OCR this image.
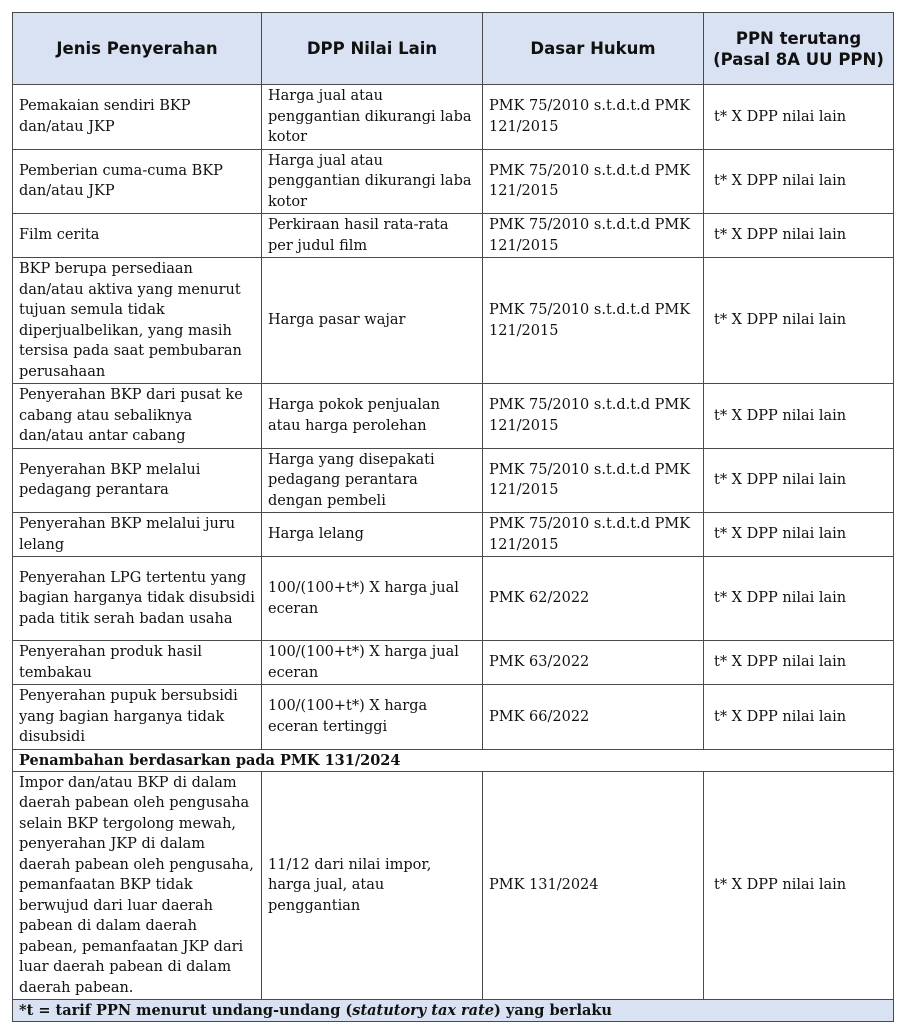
Jenis Penyerahan	DPP Nilai Lain	Dasar Hukum	PPN terutang (Pasal 8A UU PPN)
Pemakaian sendiri BKP dan/atau JKP	Harga jual atau penggantian dikurangi laba kotor	PMK 75/2010 s.t.d.t.d PMK 121/2015	t* X DPP nilai lain
Pemberian cuma-cuma BKP dan/atau JKP	Harga jual atau penggantian dikurangi laba kotor	PMK 75/2010 s.t.d.t.d PMK 121/2015	t* X DPP nilai lain
Film cerita	Perkiraan hasil rata-rata per judul film	PMK 75/2010 s.t.d.t.d PMK 121/2015	t* X DPP nilai lain
BKP berupa persediaan dan/atau aktiva yang menurut tujuan semula tidak diperjualbelikan, yang masih tersisa pada saat pembubaran perusahaan	Harga pasar wajar	PMK 75/2010 s.t.d.t.d PMK 121/2015	t* X DPP nilai lain
Penyerahan BKP dari pusat ke cabang atau sebaliknya dan/atau antar cabang	Harga pokok penjualan atau harga perolehan	PMK 75/2010 s.t.d.t.d PMK 121/2015	t* X DPP nilai lain
Penyerahan BKP melalui pedagang perantara	Harga yang disepakati pedagang perantara dengan pembeli	PMK 75/2010 s.t.d.t.d PMK 121/2015	t* X DPP nilai lain
Penyerahan BKP melalui juru lelang	Harga lelang	PMK 75/2010 s.t.d.t.d PMK 121/2015	t* X DPP nilai lain
Penyerahan LPG tertentu yang bagian harganya tidak disubsidi pada titik serah badan usaha	100/(100+t*) X harga jual eceran	PMK 62/2022	t* X DPP nilai lain
Penyerahan produk hasil tembakau	100/(100+t*) X harga jual eceran	PMK 63/2022	t* X DPP nilai lain
Penyerahan pupuk bersubsidi yang bagian harganya tidak disubsidi	100/(100+t*) X harga eceran tertinggi	PMK 66/2022	t* X DPP nilai lain
Penambahan berdasarkan pada PMK 131/2024			
Impor dan/atau BKP di dalam daerah pabean oleh pengusaha selain BKP tergolong mewah, penyerahan JKP di dalam daerah pabean oleh pengusaha, pemanfaatan BKP tidak berwujud dari luar daerah pabean di dalam daerah pabean, pemanfaatan JKP dari luar daerah pabean di dalam daerah pabean.	11/12 dari nilai impor, harga jual, atau penggantian	PMK 131/2024	t* X DPP nilai lain
*t = tarif PPN menurut undang-undang (statutory tax rate) yang berlaku			
